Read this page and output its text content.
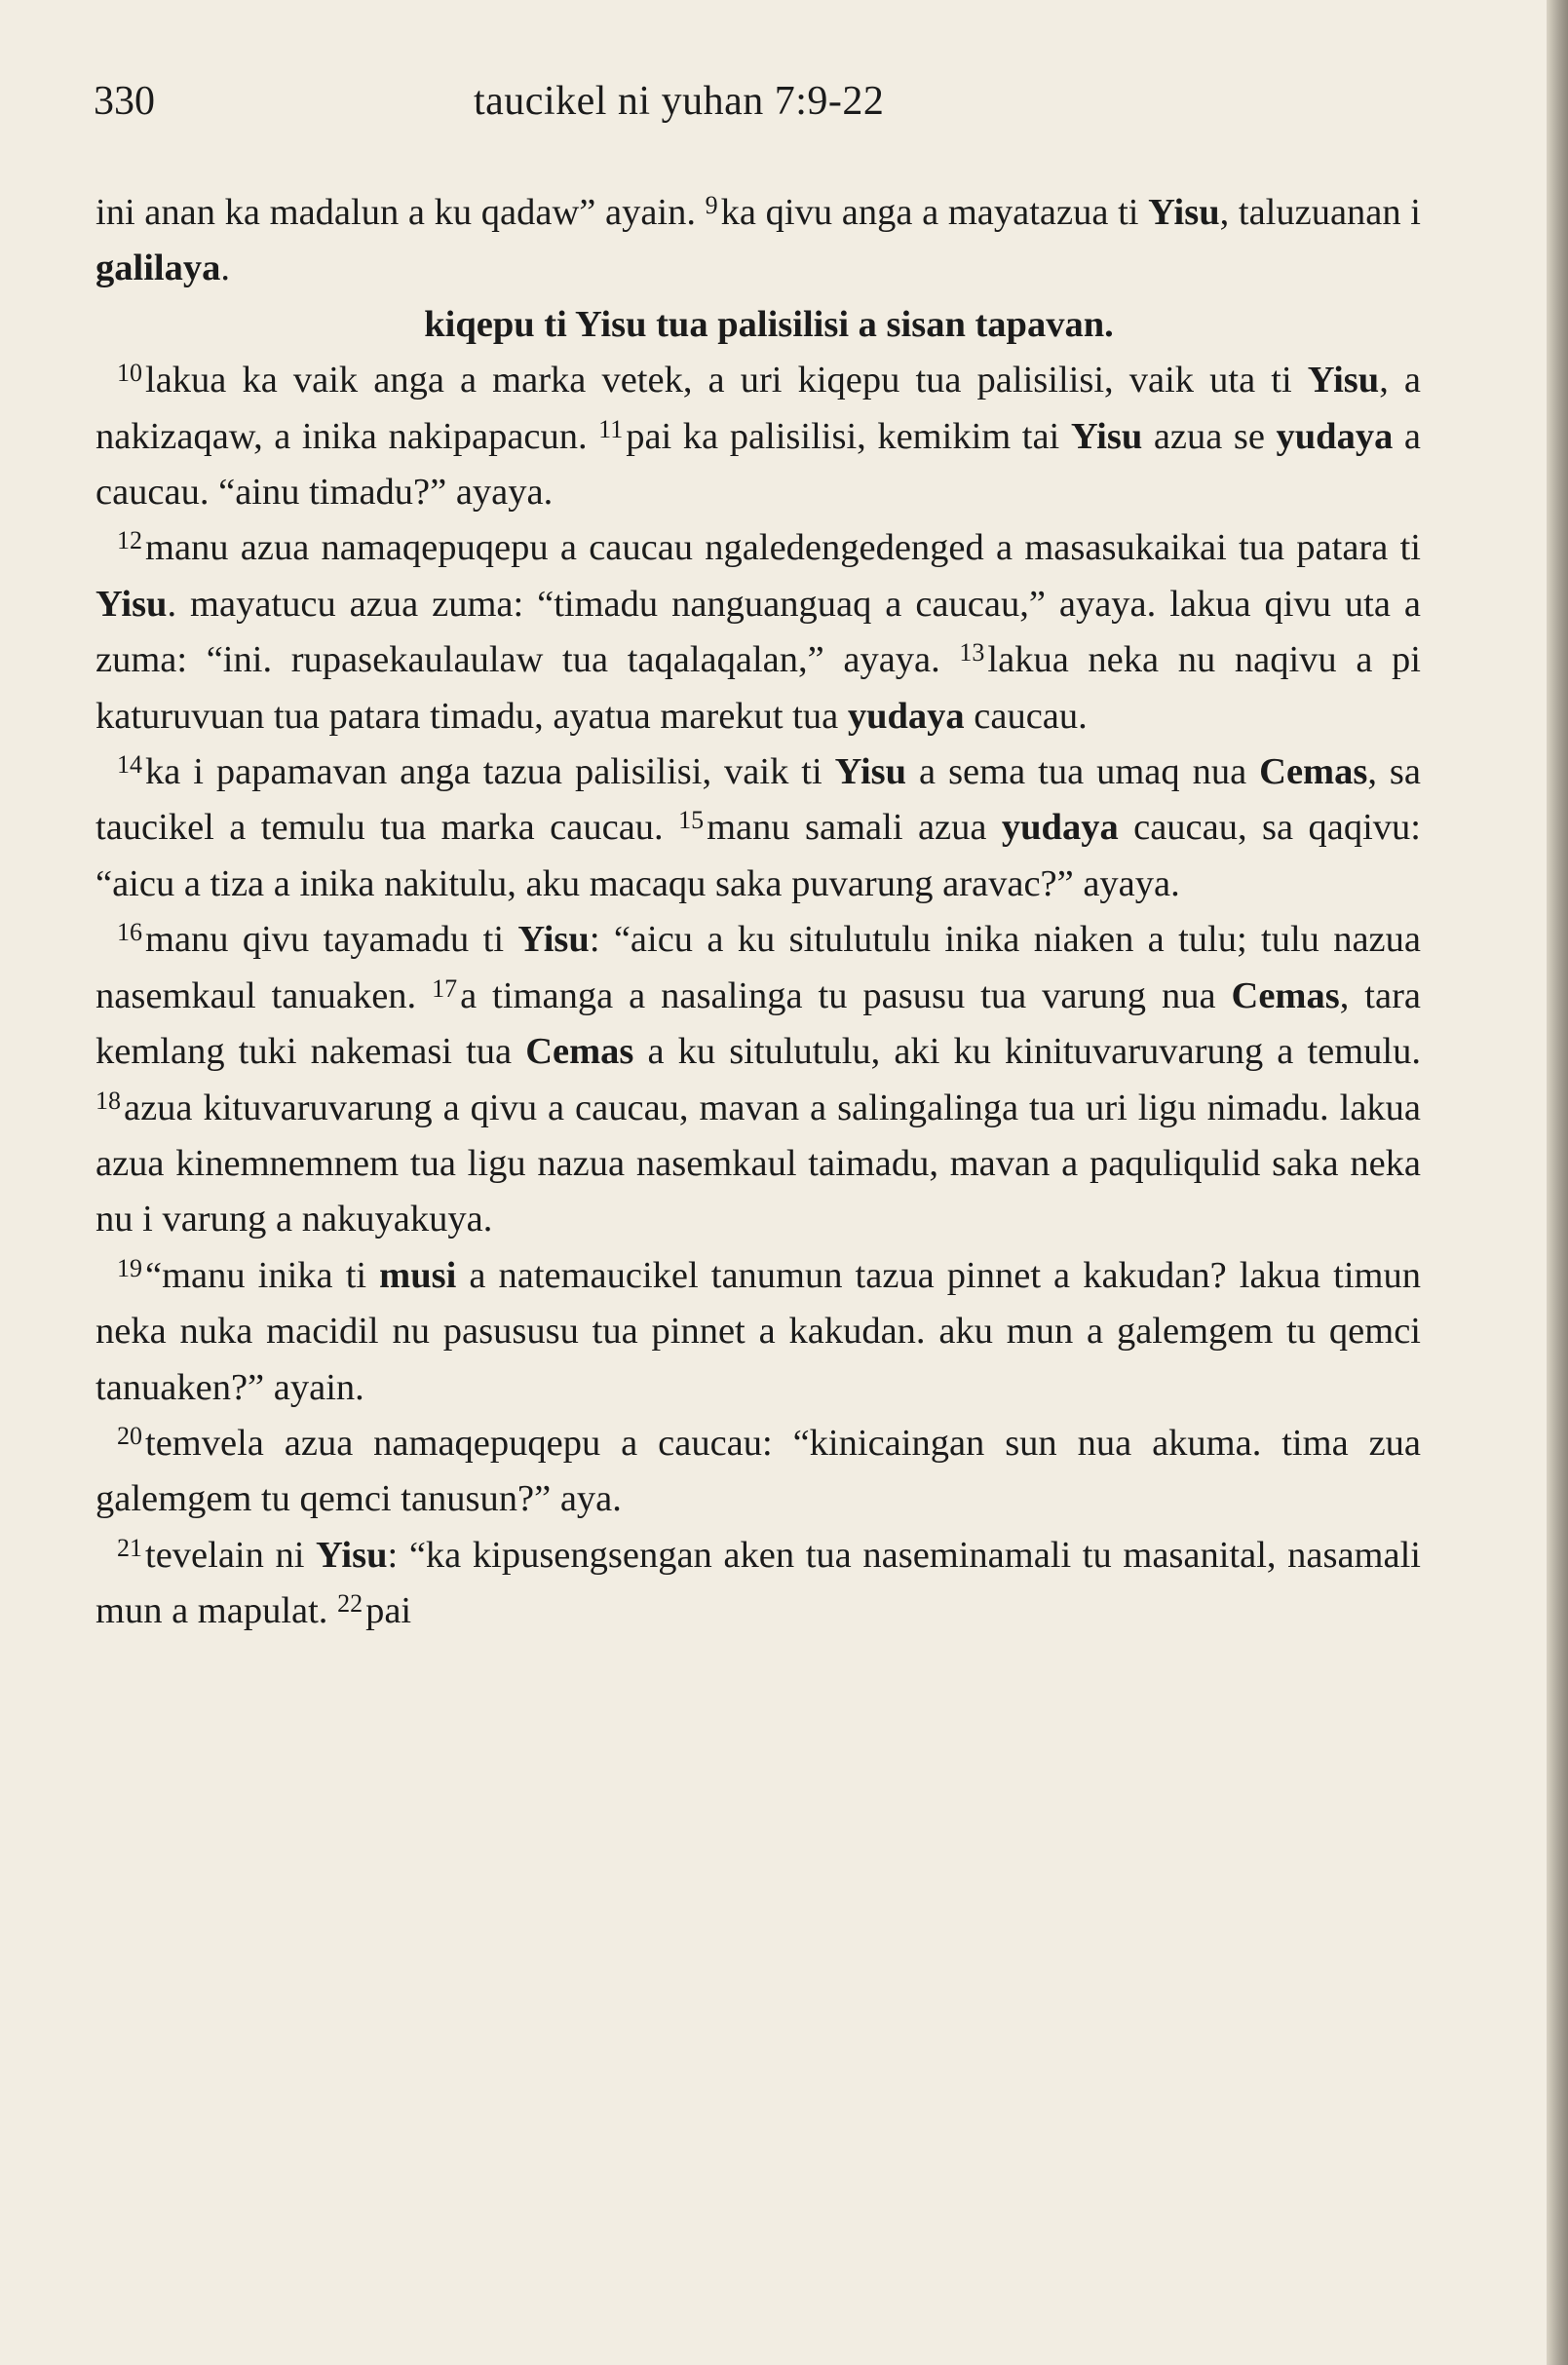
330	taucikel ni yuhan 7:9-22

ini anan ka madalun a ku qadaw” ayain. $^9$ka qivu anga a mayatazua ti Yisu, taluzuanan i galilaya.

kiqepu ti Yisu tua palisilisi a sisan tapavan.

$^{10}$lakua ka vaik anga a marka vetek, a uri kiqepu tua palisilisi, vaik uta ti Yisu, a nakizaqaw, a inika nakipapacun. $^{11}$pai ka palisilisi, kemikim tai Yisu azua se yudaya a caucau. “ainu timadu?” ayaya.

$^{12}$manu azua namaqepuqepu a caucau ngaledengedenged a masasukaikai tua patara ti Yisu. mayatucu azua zuma: “timadu nanguanguaq a caucau,” ayaya. lakua qivu uta a zuma: “ini. rupasekaulaulaw tua taqalaqalan,” ayaya. $^{13}$lakua neka nu naqivu a pi katuruvuan tua patara timadu, ayatua marekut tua yudaya caucau.

$^{14}$ka i papamavan anga tazua palisilisi, vaik ti Yisu a sema tua umaq nua Cemas, sa taucikel a temulu tua marka caucau. $^{15}$manu samali azua yudaya caucau, sa qaqivu: “aicu a tiza a inika nakitulu, aku macaqu saka puvarung aravac?” ayaya.

$^{16}$manu qivu tayamadu ti Yisu: “aicu a ku situlutulu inika niaken a tulu; tulu nazua nasemkaul tanuaken. $^{17}$a timanga a nasalinga tu pasusu tua varung nua Cemas, tara kemlang tuki nakemasi tua Cemas a ku situlutulu, aki ku kinituvaruvarung a temulu. $^{18}$azua kituvaruvarung a qivu a caucau, mavan a salingalinga tua uri ligu nimadu. lakua azua kinemnemnem tua ligu nazua nasemkaul taimadu, mavan a paquliqulid saka neka nu i varung a nakuyakuya.

$^{19}$“manu inika ti musi a natemaucikel tanumun tazua pinnet a kakudan? lakua timun neka nuka macidil nu pasususu tua pinnet a kakudan. aku mun a galemgem tu qemci tanuaken?” ayain.

$^{20}$temvela azua namaqepuqepu a caucau: “kinicaingan sun nua akuma. tima zua galemgem tu qemci tanusun?” aya.

$^{21}$tevelain ni Yisu: “ka kipusengsengan aken tua naseminamali tu masanital, nasamali mun a mapulat. $^{22}$pai
